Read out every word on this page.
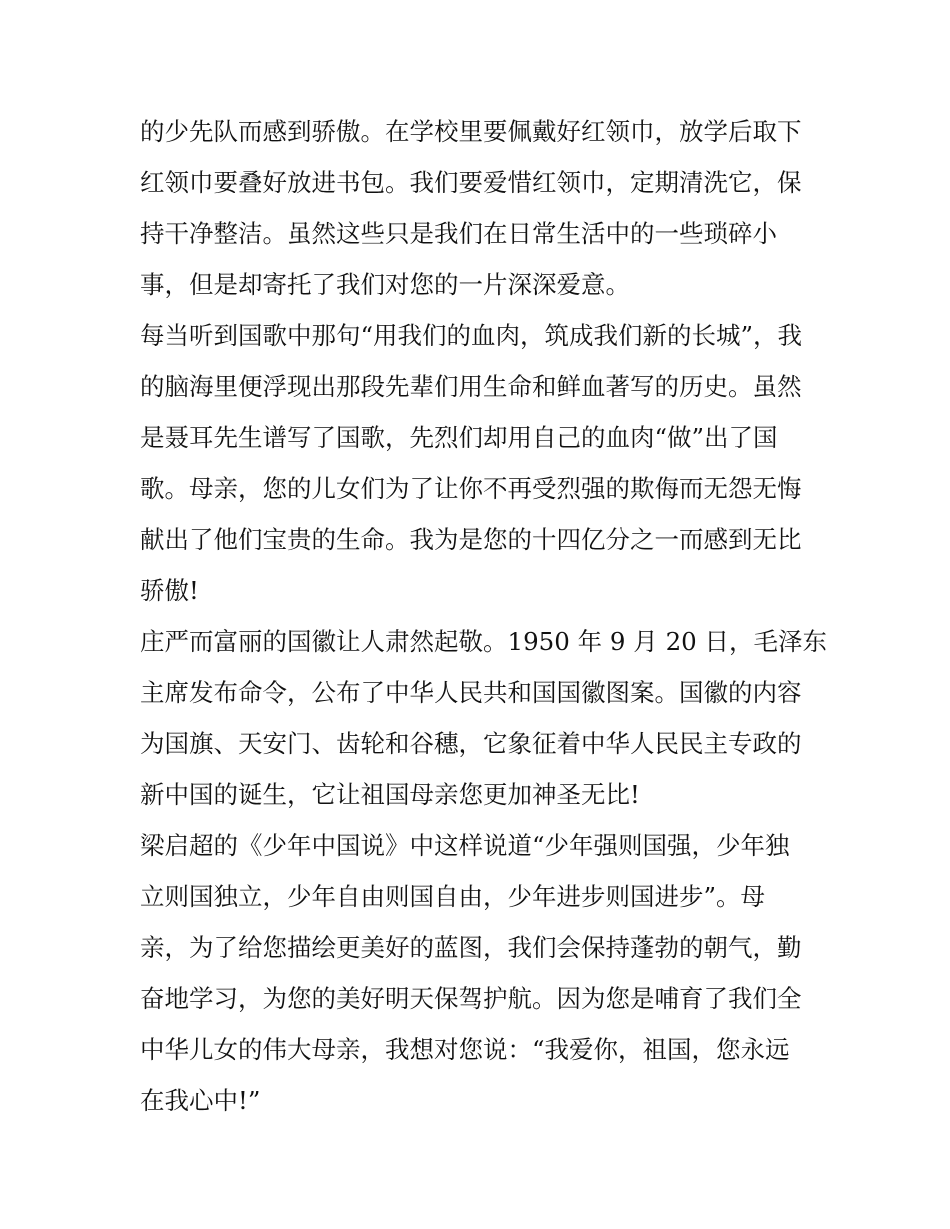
的少先队而感到骄傲。在学校里要佩戴好红领巾，放学后取下
红领巾要叠好放进书包。我们要爱惜红领巾，定期清洗它，保
持干净整洁。虽然这些只是我们在日常生活中的一些琐碎小
事，但是却寄托了我们对您的一片深深爱意。
每当听到国歌中那句“用我们的血肉，筑成我们新的长城”，我
的脑海里便浮现出那段先辈们用生命和鲜血著写的历史。虽然
是聂耳先生谱写了国歌，先烈们却用自己的血肉“做”出了国
歌。母亲，您的儿女们为了让你不再受烈强的欺侮而无怨无悔
献出了他们宝贵的生命。我为是您的十四亿分之一而感到无比
骄傲!
庄严而富丽的国徽让人肃然起敬。1950 年 9 月 20 日，毛泽东
主席发布命令，公布了中华人民共和国国徽图案。国徽的内容
为国旗、天安门、齿轮和谷穗，它象征着中华人民民主专政的
新中国的诞生，它让祖国母亲您更加神圣无比!
梁启超的《少年中国说》中这样说道“少年强则国强，少年独
立则国独立，少年自由则国自由，少年进步则国进步”。母
亲，为了给您描绘更美好的蓝图，我们会保持蓬勃的朝气，勤
奋地学习，为您的美好明天保驾护航。因为您是哺育了我们全
中华儿女的伟大母亲，我想对您说：“我爱你，祖国，您永远
在我心中!”
